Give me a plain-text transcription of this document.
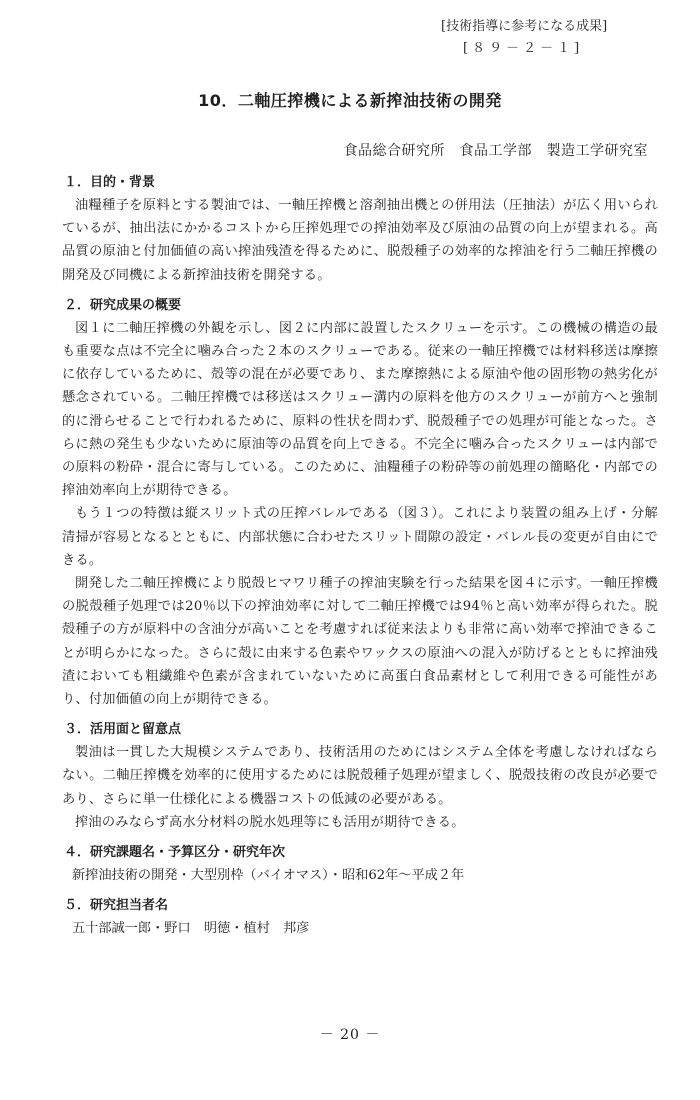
[技術指導に参考になる成果]
[８９－２－１]
10．二軸圧搾機による新搾油技術の開発
食品総合研究所　食品工学部　製造工学研究室
１．目的・背景

油糧種子を原料とする製油では、一軸圧搾機と溶剤抽出機との併用法（圧抽法）が広く用いられているが、抽出法にかかるコストから圧搾処理での搾油効率及び原油の品質の向上が望まれる。高品質の原油と付加価値の高い搾油残渣を得るために、脱殻種子の効率的な搾油を行う二軸圧搾機の開発及び同機による新搾油技術を開発する。

２．研究成果の概要

図１に二軸圧搾機の外観を示し、図２に内部に設置したスクリューを示す。この機械の構造の最も重要な点は不完全に噛み合った２本のスクリューである。従来の一軸圧搾機では材料移送は摩擦に依存しているために、殻等の混在が必要であり、また摩擦熱による原油や他の固形物の熱劣化が懸念されている。二軸圧搾機では移送はスクリュー溝内の原料を他方のスクリューが前方へと強制的に滑らせることで行われるために、原料の性状を問わず、脱殻種子での処理が可能となった。さらに熱の発生も少ないために原油等の品質を向上できる。不完全に噛み合ったスクリューは内部での原料の粉砕・混合に寄与している。このために、油糧種子の粉砕等の前処理の簡略化・内部での搾油効率向上が期待できる。

もう１つの特徴は縦スリット式の圧搾バレルである（図３）。これにより装置の組み上げ・分解清掃が容易となるとともに、内部状態に合わせたスリット間隙の設定・バレル長の変更が自由にできる。

開発した二軸圧搾機により脱殻ヒマワリ種子の搾油実験を行った結果を図４に示す。一軸圧搾機の脱殻種子処理では20％以下の搾油効率に対して二軸圧搾機では94％と高い効率が得られた。脱殻種子の方が原料中の含油分が高いことを考慮すれば従来法よりも非常に高い効率で搾油できることが明らかになった。さらに殻に由来する色素やワックスの原油への混入が防げるとともに搾油残渣においても粗繊維や色素が含まれていないために高蛋白食品素材として利用できる可能性があり、付加価値の向上が期待できる。

３．活用面と留意点

製油は一貫した大規模システムであり、技術活用のためにはシステム全体を考慮しなければならない。二軸圧搾機を効率的に使用するためには脱殻種子処理が望ましく、脱殻技術の改良が必要であり、さらに単一仕様化による機器コストの低減の必要がある。

搾油のみならず高水分材料の脱水処理等にも活用が期待できる。

４．研究課題名・予算区分・研究年次
新搾油技術の開発・大型別枠（バイオマス）・昭和62年～平成２年
５．研究担当者名
五十部誠一郎・野口　明徳・植村　邦彦
－ 20 －
